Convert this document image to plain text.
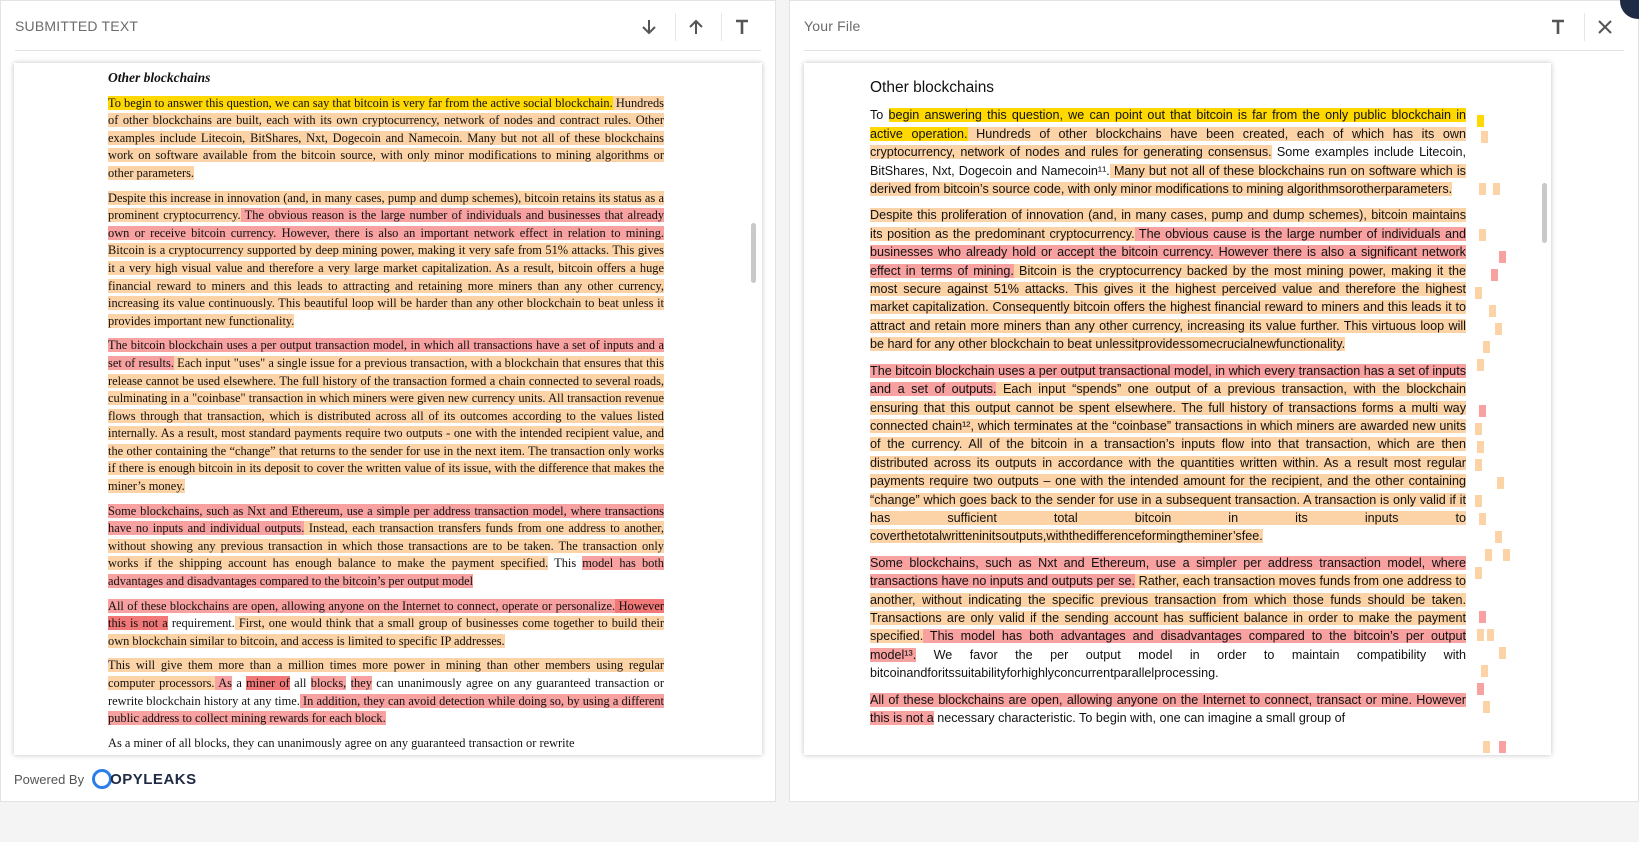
SUBMITTED TEXT
Other blockchains

To begin to answer this question, we can say that bitcoin is very far from the active social blockchain. Hundreds of other blockchains are built, each with its own cryptocurrency, network of nodes and contract rules. Other examples include Litecoin, BitShares, Nxt, Dogecoin and Namecoin. Many but not all of these blockchains work on software available from the bitcoin source, with only minor modifications to mining algorithms or other parameters.

Despite this increase in innovation (and, in many cases, pump and dump schemes), bitcoin retains its status as a prominent cryptocurrency. The obvious reason is the large number of individuals and businesses that already own or receive bitcoin currency. However, there is also an important network effect in relation to mining. Bitcoin is a cryptocurrency supported by deep mining power, making it very safe from 51% attacks. This gives it a very high visual value and therefore a very large market capitalization. As a result, bitcoin offers a huge financial reward to miners and this leads to attracting and retaining more miners than any other currency, increasing its value continuously. This beautiful loop will be harder than any other blockchain to beat unless it provides important new functionality.

The bitcoin blockchain uses a per output transaction model, in which all transactions have a set of inputs and a set of results. Each input "uses" a single issue for a previous transaction, with a blockchain that ensures that this release cannot be used elsewhere. The full history of the transaction formed a chain connected to several roads, culminating in a "coinbase" transaction in which miners were given new currency units. All transaction revenue flows through that transaction, which is distributed across all of its outcomes according to the values listed internally. As a result, most standard payments require two outputs - one with the intended recipient value, and the other containing the “change” that returns to the sender for use in the next item. The transaction only works if there is enough bitcoin in its deposit to cover the written value of its issue, with the difference that makes the miner’s money.

Some blockchains, such as Nxt and Ethereum, use a simple per address transaction model, where transactions have no inputs and individual outputs. Instead, each transaction transfers funds from one address to another, without showing any previous transaction in which those transactions are to be taken. The transaction only works if the shipping account has enough balance to make the payment specified. This model has both advantages and disadvantages compared to the bitcoin’s per output model

All of these blockchains are open, allowing anyone on the Internet to connect, operate or personalize. However this is not a requirement. First, one would think that a small group of businesses come together to build their own blockchain similar to bitcoin, and access is limited to specific IP addresses.

This will give them more than a million times more power in mining than other members using regular computer processors. As a miner of all blocks, they can unanimously agree on any guaranteed transaction or rewrite blockchain history at any time. In addition, they can avoid detection while doing so, by using a different public address to collect mining rewards for each block.

As a miner of all blocks, they can unanimously agree on any guaranteed transaction or rewrite

Powered By OPYLEAKS
Your File
Other blockchains

To begin answering this question, we can point out that bitcoin is far from the only public blockchain in active operation. Hundreds of other blockchains have been created, each of which has its own cryptocurrency, network of nodes and rules for generating consensus. Some examples include Litecoin, BitShares, Nxt, Dogecoin and Namecoin¹¹. Many but not all of these blockchains run on software which is derived from bitcoin’s source code, with only minor modifications to mining algorithmsorotherparameters.

Despite this proliferation of innovation (and, in many cases, pump and dump schemes), bitcoin maintains its position as the predominant cryptocurrency. The obvious cause is the large number of individuals and businesses who already hold or accept the bitcoin currency. However there is also a significant network effect in terms of mining. Bitcoin is the cryptocurrency backed by the most mining power, making it the most secure against 51% attacks. This gives it the highest perceived value and therefore the highest market capitalization. Consequently bitcoin offers the highest financial reward to miners and this leads it to attract and retain more miners than any other currency, increasing its value further. This virtuous loop will be hard for any other blockchain to beat unlessitprovidessomecrucialnewfunctionality.

The bitcoin blockchain uses a per output transactional model, in which every transaction has a set of inputs and a set of outputs. Each input “spends” one output of a previous transaction, with the blockchain ensuring that this output cannot be spent elsewhere. The full history of transactions forms a multi way connected chain¹², which terminates at the “coinbase” transactions in which miners are awarded new units of the currency. All of the bitcoin in a transaction’s inputs flow into that transaction, which are then distributed across its outputs in accordance with the quantities written within. As a result most regular payments require two outputs – one with the intended amount for the recipient, and the other containing “change” which goes back to the sender for use in a subsequent transaction. A transaction is only valid if it has sufficient total bitcoin in its inputs to coverthetotalwritteninitsoutputs,withthedifferenceformingtheminer’sfee.

Some blockchains, such as Nxt and Ethereum, use a simpler per address transaction model, where transactions have no inputs and outputs per se. Rather, each transaction moves funds from one address to another, without indicating the specific previous transaction from which those funds should be taken. Transactions are only valid if the sending account has sufficient balance in order to make the payment specified. This model has both advantages and disadvantages compared to the bitcoin’s per output model¹³. We favor the per output model in order to maintain compatibility with bitcoinandforitssuitabilityforhighlyconcurrentparallelprocessing.

All of these blockchains are open, allowing anyone on the Internet to connect, transact or mine. However this is not a necessary characteristic. To begin with, one can imagine a small group of
